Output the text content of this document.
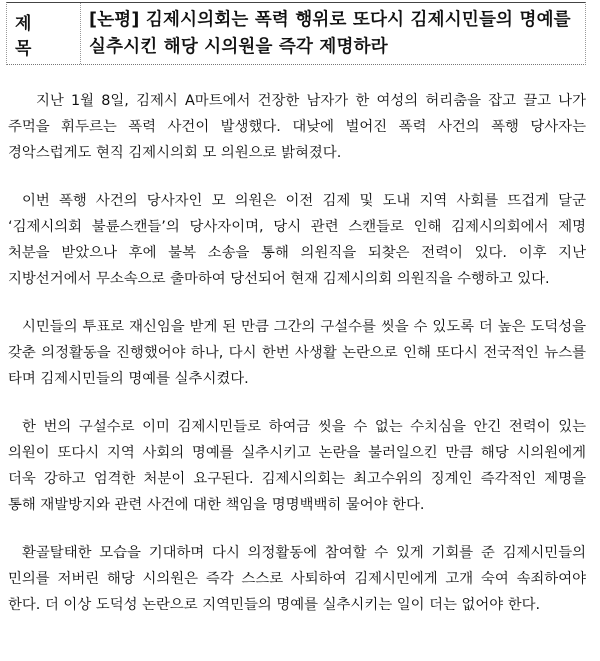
제 목
[논평] 김제시의회는 폭력 행위로 또다시 김제시민들의 명예를 실추시킨 해당 시의원을 즉각 제명하라

지난 1월 8일, 김제시 A마트에서 건장한 남자가 한 여성의 허리춤을 잡고 끌고 나가 주먹을 휘두르는 폭력 사건이 발생했다. 대낮에 벌어진 폭력 사건의 폭행 당사자는 경악스럽게도 현직 김제시의회 모 의원으로 밝혀졌다.

이번 폭행 사건의 당사자인 모 의원은 이전 김제 및 도내 지역 사회를 뜨겁게 달군 ‘김제시의회 불륜스캔들’의 당사자이며, 당시 관련 스캔들로 인해 김제시의회에서 제명 처분을 받았으나 후에 불복 소송을 통해 의원직을 되찾은 전력이 있다. 이후 지난 지방선거에서 무소속으로 출마하여 당선되어 현재 김제시의회 의원직을 수행하고 있다.

시민들의 투표로 재신임을 받게 된 만큼 그간의 구설수를 씻을 수 있도록 더 높은 도덕성을 갖춘 의정활동을 진행했어야 하나, 다시 한번 사생활 논란으로 인해 또다시 전국적인 뉴스를 타며 김제시민들의 명예를 실추시켰다.

한 번의 구설수로 이미 김제시민들로 하여금 씻을 수 없는 수치심을 안긴 전력이 있는 의원이 또다시 지역 사회의 명예를 실추시키고 논란을 불러일으킨 만큼 해당 시의원에게 더욱 강하고 엄격한 처분이 요구된다. 김제시의회는 최고수위의 징계인 즉각적인 제명을 통해 재발방지와 관련 사건에 대한 책임을 명명백백히 물어야 한다.

환골탈태한 모습을 기대하며 다시 의정활동에 참여할 수 있게 기회를 준 김제시민들의 민의를 저버린 해당 시의원은 즉각 스스로 사퇴하여 김제시민에게 고개 숙여 속죄하여야 한다. 더 이상 도덕성 논란으로 지역민들의 명예를 실추시키는 일이 더는 없어야 한다.
